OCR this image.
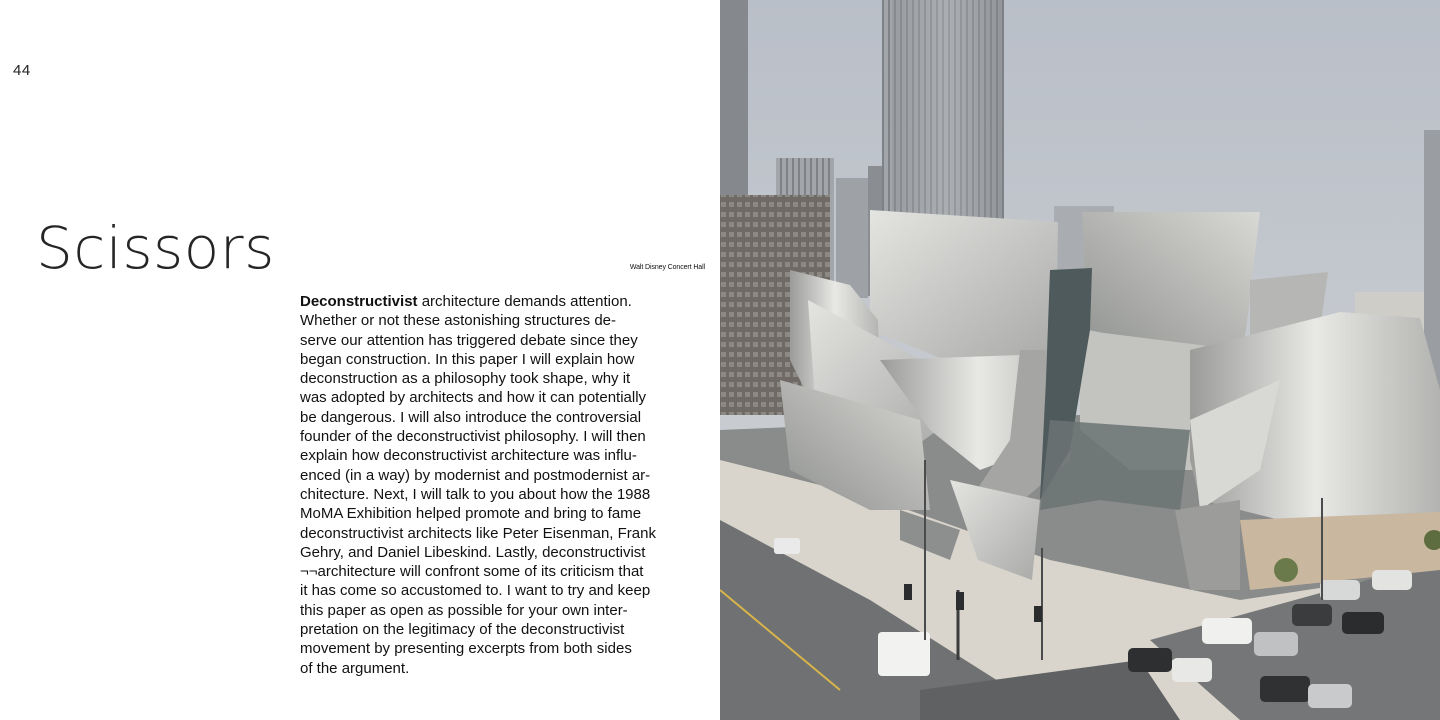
44
Scissors	Walt Disney Concert Hall
Deconstructivist architecture demands attention.
Whether or not these astonishing structures de-
serve our attention has triggered debate since they
began construction. In this paper I will explain how
deconstruction as a philosophy took shape, why it
was adopted by architects and how it can potentially
be dangerous. I will also introduce the controversial
founder of the deconstructivist philosophy. I will then
explain how deconstructivist architecture was influ-
enced (in a way) by modernist and postmodernist ar-
chitecture. Next, I will talk to you about how the 1988
MoMA Exhibition helped promote and bring to fame
deconstructivist architects like Peter Eisenman, Frank
Gehry, and Daniel Libeskind. Lastly, deconstructivist
¬¬architecture will confront some of its criticism that
it has come so accustomed to. I want to try and keep
this paper as open as possible for your own inter-
pretation on the legitimacy of the deconstructivist
movement by presenting excerpts from both sides
of the argument.
